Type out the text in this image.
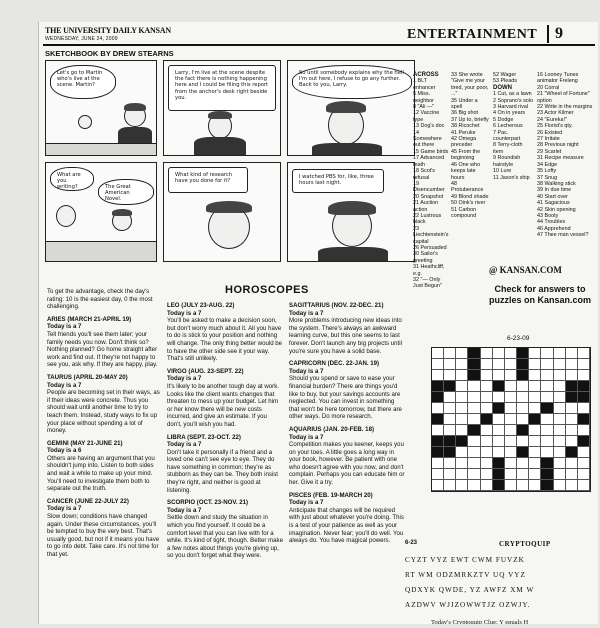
THE UNIVERSITY DAILY KANSAN
WEDNESDAY, JUNE 24, 2009	ENTERTAINMENT	9
SKETCHBOOK BY DREW STEARNS
Let's go to Martin who's live at the scene. Martin?
Larry, I'm live at the scene despite the fact there is nothing happening here and I could be filing this report from the anchor's desk right beside you.
So until somebody explains why the hell I'm out here, I refuse to go any further. Back to you, Larry.
What are you writing?	The Great American Novel.
What kind of research have you done for it?
I watched PBS for, like, three hours last night.
HOROSCOPES

To get the advantage, check the day's rating: 10 is the easiest day, 0 the most challenging.

ARIES (MARCH 21-APRIL 19)
Today is a 7
Tell friends you'll see them later; your family needs you now. Don't think so? Nothing planned? Go home straight after work and find out. If they're not happy to see you, ask why. If they are happy, play.

TAURUS (APRIL 20-MAY 20)
Today is a 7
People are becoming set in their ways, as if their ideas were concrete. Thus you should wait until another time to try to teach them. Instead, study ways to fix up your place without spending a lot of money.

GEMINI (MAY 21-JUNE 21)
Today is a 6
Others are having an argument that you shouldn't jump into. Listen to both sides and wait a while to make up your mind. You'll need to investigate them both to separate out the truth.

CANCER (JUNE 22-JULY 22)
Today is a 7
Slow down; conditions have changed again. Under these circumstances, you'll be tempted to buy the very best. That's usually good, but not if it means you have to go into debt. Take care. It's not time for that yet.

LEO (JULY 23-AUG. 22)
Today is a 7
You'll be asked to make a decision soon, but don't worry much about it. All you have to do is stick to your position and nothing will change. The only thing better would be to have the other side see it your way. That's still unlikely.

VIRGO (AUG. 23-SEPT. 22)
Today is a 7
It's likely to be another tough day at work. Looks like the client wants changes that threaten to mess up your budget. Let him or her know there will be new costs incurred, and give an estimate. If you don't, you'll wish you had.

LIBRA (SEPT. 23-OCT. 22)
Today is a 7
Don't take it personally if a friend and a loved one can't see eye to eye. They do have something in common; they're as stubborn as they can be. They both insist they're right, and neither is good at listening.

SCORPIO (OCT. 23-NOV. 21)
Today is a 7
Settle down and study the situation in which you find yourself. It could be a comfort level that you can live with for a while. It's kind of tight, though. Better make a few notes about things you're giving up, so you don't forget what they were.

SAGITTARIUS (NOV. 22-DEC. 21)
Today is a 7
More problems introducing new ideas into the system. There's always an awkward learning curve, but this one seems to last forever. Don't launch any big projects until you're sure you have a solid base.

CAPRICORN (DEC. 22-JAN. 19)
Today is a 7
Should you spend or save to ease your financial burden? There are things you'd like to buy, but your savings accounts are neglected. You can invest in something that won't be here tomorrow, but there are other ways. Do more research.

AQUARIUS (JAN. 20-FEB. 18)
Today is a 7
Competition makes you keener, keeps you on your toes. A little goes a long way in your book, however. Be patient with one who doesn't agree with you now, and don't complain. Perhaps you can educate him or her. Give it a try.

PISCES (FEB. 19-MARCH 20)
Today is a 7
Anticipate that changes will be required with just about whatever you're doing. This is a test of your patience as well as your imagination. Never fear; you'll do well. You always do. You have magical powers.

ACROSS
1 BLT enhancer
5 Miss. neighbor
8 "Ali —"
12 Vaccine type
13 Dog's doc
14 Somewhere out there
15 Game birds
17 Advanced math
18 Scot's refusal
19 Disencumber
20 Snapshot
21 Auction action
22 Lustrous black
23 Liechtenstein's capital
26 Persuaded
30 Sailor's greeting
31 Heathcliff, e.g.
32 "— Only Just Begun"
33 She wrote "Give me your tired, your poor, ..."
35 Under a spell
36 Big shot
37 Up to, briefly
38 Ricochet
41 Peruke
42 Omega preceder
45 From the beginning
46 One who keeps late hours
48 Protuberance
49 Blond shade
50 Oink's river
51 Carbon compound
52 Wager
53 Pleads
DOWN
1 Cut, as a lawn
2 Soprano's solo
3 Harvard rival
4 On in years
5 Dodge
6 Lecherous
7 Pac. counterpart
8 Terry-cloth item
9 Roundish hairstyle
10 Lure
11 Jason's ship
16 Looney Tunes animator Freleng
20 Corral
21 "Wheel of Fortune" option
22 Write in the margins
23 Actor Kilmer
24 "Eureka!"
25 Florist's qty.
26 Existed
27 Irritate
28 Previous night
29 Scarlet
31 Recipe measure
34 Edge
35 Lofty
37 Snug
38 Walking stick
39 In due time
40 Start over
41 Sagacious
42 Skin opening
43 Booty
44 Troubles
46 Apprehend
47 Thee man vessel?
@ KANSAN.COM
Check for answers to puzzles on Kansan.com
6-23-09
6-23	CRYPTOQUIP
CYZT VYZ EWT CWM FUVZK
RT WM ODZMRKZTV UQ VYZ
QDXYK QWDE, YZ AWFZ XM W
AZDWV WJJZOWWTJZ OZWJY.
Today's Cryptoquip Clue: Y equals H
